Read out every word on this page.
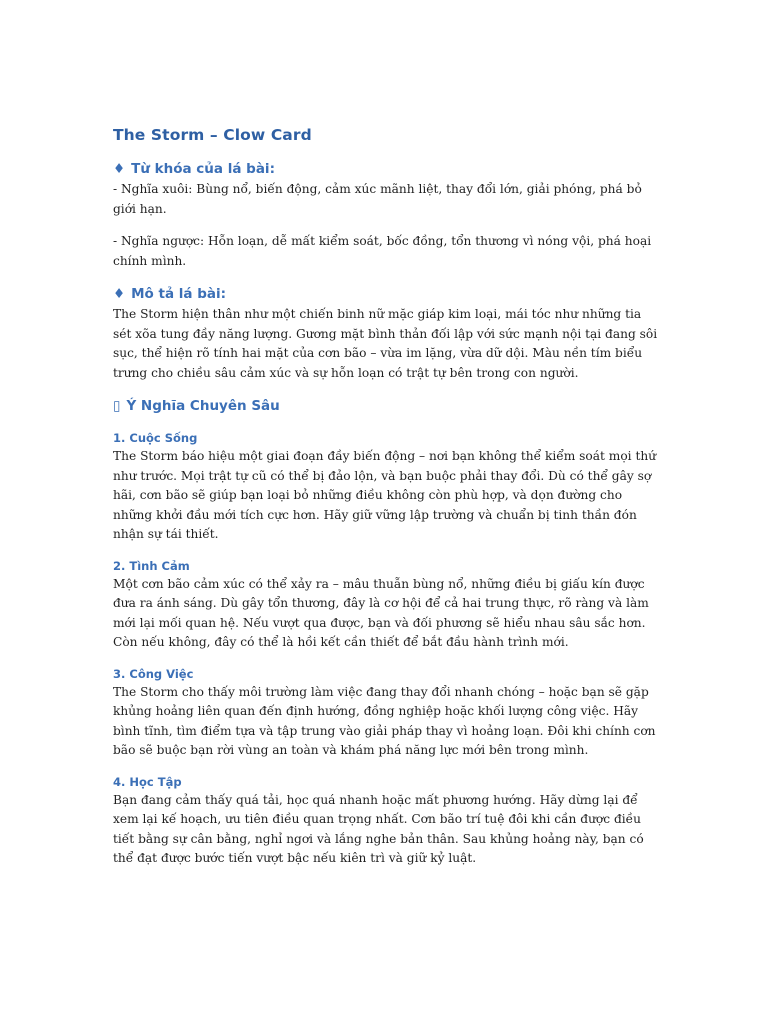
The Storm – Clow Card
♦ Từ khóa của lá bài:

- Nghĩa xuôi: Bùng nổ, biến động, cảm xúc mãnh liệt, thay đổi lớn, giải phóng, phá bỏ giới hạn.

- Nghĩa ngược: Hỗn loạn, dễ mất kiểm soát, bốc đồng, tổn thương vì nóng vội, phá hoại chính mình.

♦ Mô tả lá bài:

The Storm hiện thân như một chiến binh nữ mặc giáp kim loại, mái tóc như những tia sét xõa tung đầy năng lượng. Gương mặt bình thản đối lập với sức mạnh nội tại đang sôi sục, thể hiện rõ tính hai mặt của cơn bão – vừa im lặng, vừa dữ dội. Màu nền tím biểu trưng cho chiều sâu cảm xúc và sự hỗn loạn có trật tự bên trong con người.

▯ Ý Nghĩa Chuyên Sâu
1. Cuộc Sống

The Storm báo hiệu một giai đoạn đầy biến động – nơi bạn không thể kiểm soát mọi thứ như trước. Mọi trật tự cũ có thể bị đảo lộn, và bạn buộc phải thay đổi. Dù có thể gây sợ hãi, cơn bão sẽ giúp bạn loại bỏ những điều không còn phù hợp, và dọn đường cho những khởi đầu mới tích cực hơn. Hãy giữ vững lập trường và chuẩn bị tinh thần đón nhận sự tái thiết.

2. Tình Cảm

Một cơn bão cảm xúc có thể xảy ra – mâu thuẫn bùng nổ, những điều bị giấu kín được đưa ra ánh sáng. Dù gây tổn thương, đây là cơ hội để cả hai trung thực, rõ ràng và làm mới lại mối quan hệ. Nếu vượt qua được, bạn và đối phương sẽ hiểu nhau sâu sắc hơn. Còn nếu không, đây có thể là hồi kết cần thiết để bắt đầu hành trình mới.

3. Công Việc

The Storm cho thấy môi trường làm việc đang thay đổi nhanh chóng – hoặc bạn sẽ gặp khủng hoảng liên quan đến định hướng, đồng nghiệp hoặc khối lượng công việc. Hãy bình tĩnh, tìm điểm tựa và tập trung vào giải pháp thay vì hoảng loạn. Đôi khi chính cơn bão sẽ buộc bạn rời vùng an toàn và khám phá năng lực mới bên trong mình.

4. Học Tập

Bạn đang cảm thấy quá tải, học quá nhanh hoặc mất phương hướng. Hãy dừng lại để xem lại kế hoạch, ưu tiên điều quan trọng nhất. Cơn bão trí tuệ đôi khi cần được điều tiết bằng sự cân bằng, nghỉ ngơi và lắng nghe bản thân. Sau khủng hoảng này, bạn có thể đạt được bước tiến vượt bậc nếu kiên trì và giữ kỷ luật.
